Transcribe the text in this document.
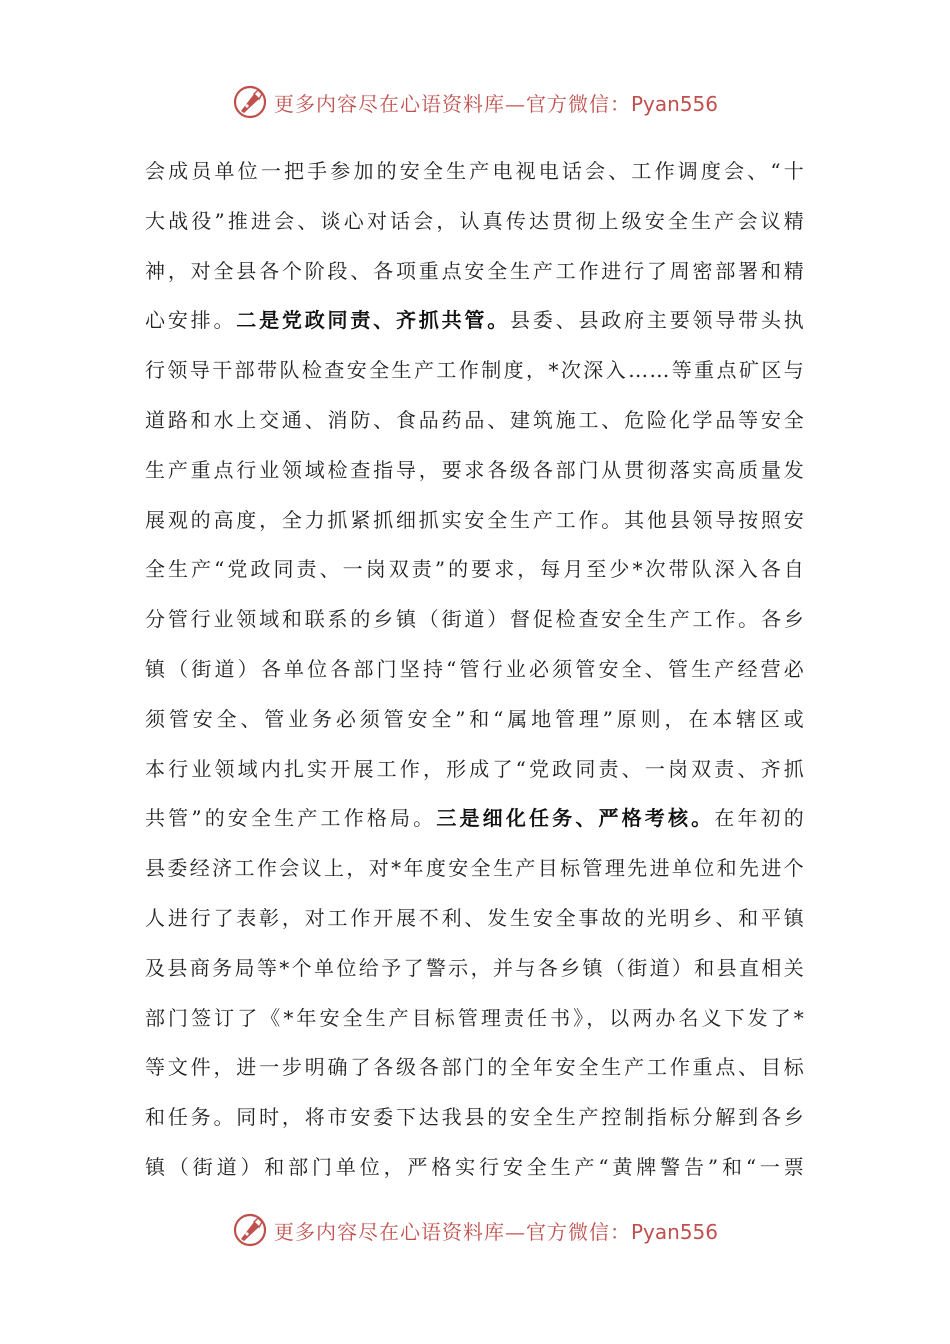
更多内容尽在心语资料库—官方微信：Pyan556
会成员单位一把手参加的安全生产电视电话会、工作调度会、“十
大战役”推进会、谈心对话会，认真传达贯彻上级安全生产会议精
神，对全县各个阶段、各项重点安全生产工作进行了周密部署和精
心安排。二是党政同责、齐抓共管。县委、县政府主要领导带头执
行领导干部带队检查安全生产工作制度，*次深入……等重点矿区与
道路和水上交通、消防、食品药品、建筑施工、危险化学品等安全
生产重点行业领域检查指导，要求各级各部门从贯彻落实高质量发
展观的高度，全力抓紧抓细抓实安全生产工作。其他县领导按照安
全生产“党政同责、一岗双责”的要求，每月至少*次带队深入各自
分管行业领域和联系的乡镇（街道）督促检查安全生产工作。各乡
镇（街道）各单位各部门坚持“管行业必须管安全、管生产经营必
须管安全、管业务必须管安全”和“属地管理”原则，在本辖区或
本行业领域内扎实开展工作，形成了“党政同责、一岗双责、齐抓
共管”的安全生产工作格局。三是细化任务、严格考核。在年初的
县委经济工作会议上，对*年度安全生产目标管理先进单位和先进个
人进行了表彰，对工作开展不利、发生安全事故的光明乡、和平镇
及县商务局等*个单位给予了警示，并与各乡镇（街道）和县直相关
部门签订了《*年安全生产目标管理责任书》，以两办名义下发了*
等文件，进一步明确了各级各部门的全年安全生产工作重点、目标
和任务。同时，将市安委下达我县的安全生产控制指标分解到各乡
镇（街道）和部门单位，严格实行安全生产“黄牌警告”和“一票
更多内容尽在心语资料库—官方微信：Pyan556
